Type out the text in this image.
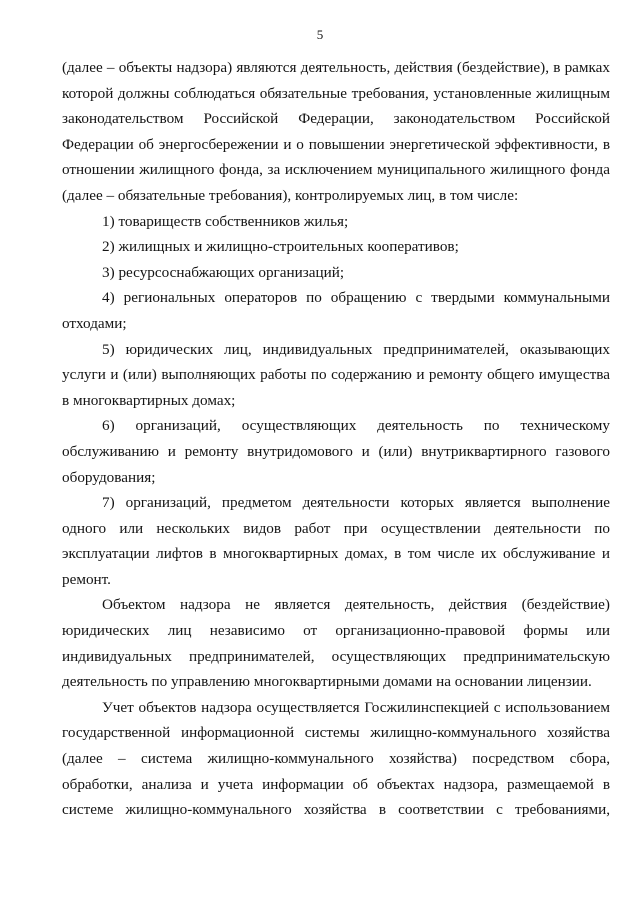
5

(далее – объекты надзора) являются деятельность, действия (бездействие), в рамках которой должны соблюдаться обязательные требования, установленные жилищным законодательством Российской Федерации, законодательством Российской Федерации об энергосбережении и о повышении энергетической эффективности, в отношении жилищного фонда, за исключением муниципального жилищного фонда (далее – обязательные требования), контролируемых лиц, в том числе:

1) товариществ собственников жилья;

2) жилищных и жилищно-строительных кооперативов;

3) ресурсоснабжающих организаций;

4) региональных операторов по обращению с твердыми коммунальными отходами;

5) юридических лиц, индивидуальных предпринимателей, оказывающих услуги и (или) выполняющих работы по содержанию и ремонту общего имущества в многоквартирных домах;

6) организаций, осуществляющих деятельность по техническому обслуживанию и ремонту внутридомового и (или) внутриквартирного газового оборудования;

7) организаций, предметом деятельности которых является выполнение одного или нескольких видов работ при осуществлении деятельности по эксплуатации лифтов в многоквартирных домах, в том числе их обслуживание и ремонт.

Объектом надзора не является деятельность, действия (бездействие) юридических лиц независимо от организационно-правовой формы или индивидуальных предпринимателей, осуществляющих предпринимательскую деятельность по управлению многоквартирными домами на основании лицензии.

Учет объектов надзора осуществляется Госжилинспекцией с использованием государственной информационной системы жилищно-коммунального хозяйства (далее – система жилищно-коммунального хозяйства) посредством сбора, обработки, анализа и учета информации об объектах надзора, размещаемой в системе жилищно-коммунального хозяйства в соответствии с требованиями,
